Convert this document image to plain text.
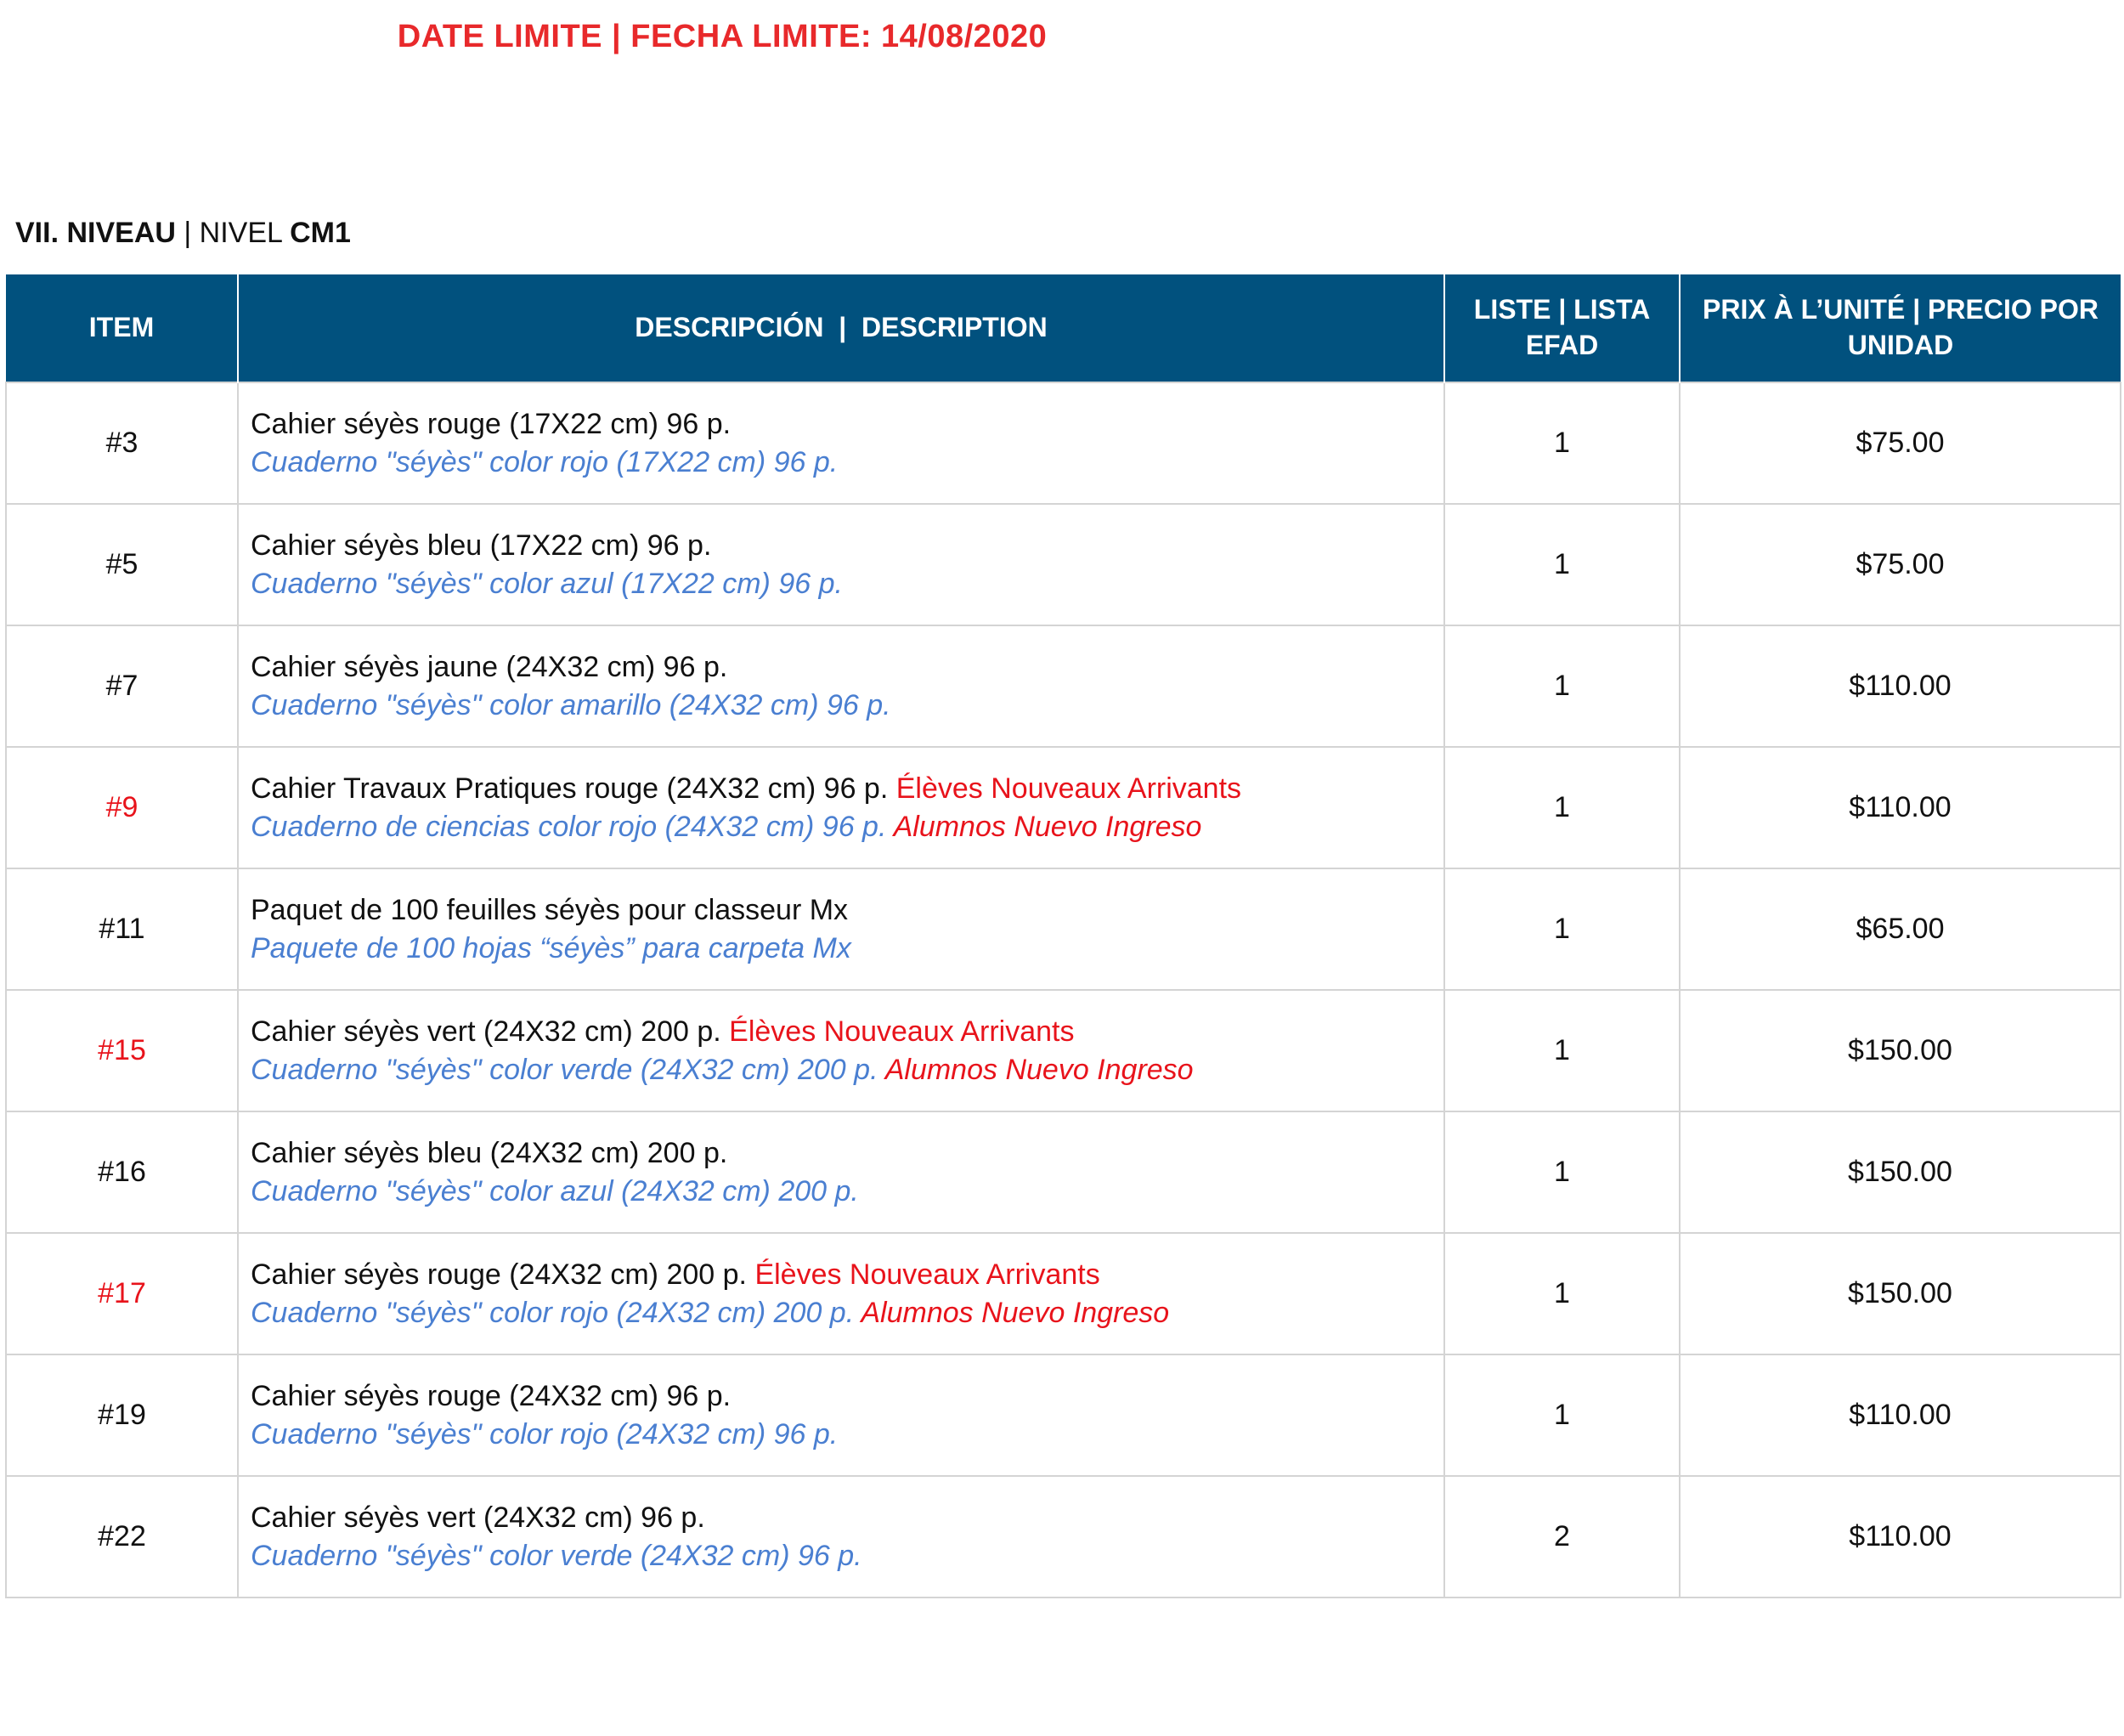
DATE LIMITE | FECHA LIMITE: 14/08/2020
VII. NIVEAU | NIVEL CM1
ITEM	DESCRIPCIÓN  |  DESCRIPTION	LISTE | LISTA EFAD	PRIX À L’UNITÉ | PRECIO POR UNIDAD
#3	Cahier séyès rouge (17X22 cm) 96 p.
Cuaderno "séyès" color rojo (17X22 cm) 96 p.	1	$75.00
#5	Cahier séyès bleu (17X22 cm) 96 p.
Cuaderno "séyès" color azul (17X22 cm) 96 p.	1	$75.00
#7	Cahier séyès jaune (24X32 cm) 96 p.
Cuaderno "séyès" color amarillo (24X32 cm) 96 p.	1	$110.00
#9	Cahier Travaux Pratiques rouge (24X32 cm) 96 p. Élèves Nouveaux Arrivants
Cuaderno de ciencias color rojo (24X32 cm) 96 p. Alumnos Nuevo Ingreso	1	$110.00
#11	Paquet de 100 feuilles séyès pour classeur Mx
Paquete de 100 hojas “séyès” para carpeta Mx	1	$65.00
#15	Cahier séyès vert (24X32 cm) 200 p. Élèves Nouveaux Arrivants
Cuaderno "séyès" color verde (24X32 cm) 200 p. Alumnos Nuevo Ingreso	1	$150.00
#16	Cahier séyès bleu (24X32 cm) 200 p.
Cuaderno "séyès" color azul (24X32 cm) 200 p.	1	$150.00
#17	Cahier séyès rouge (24X32 cm) 200 p. Élèves Nouveaux Arrivants
Cuaderno "séyès" color rojo (24X32 cm) 200 p. Alumnos Nuevo Ingreso	1	$150.00
#19	Cahier séyès rouge (24X32 cm) 96 p.
Cuaderno "séyès" color rojo (24X32 cm) 96 p.	1	$110.00
#22	Cahier séyès vert (24X32 cm) 96 p.
Cuaderno "séyès" color verde (24X32 cm) 96 p.	2	$110.00
